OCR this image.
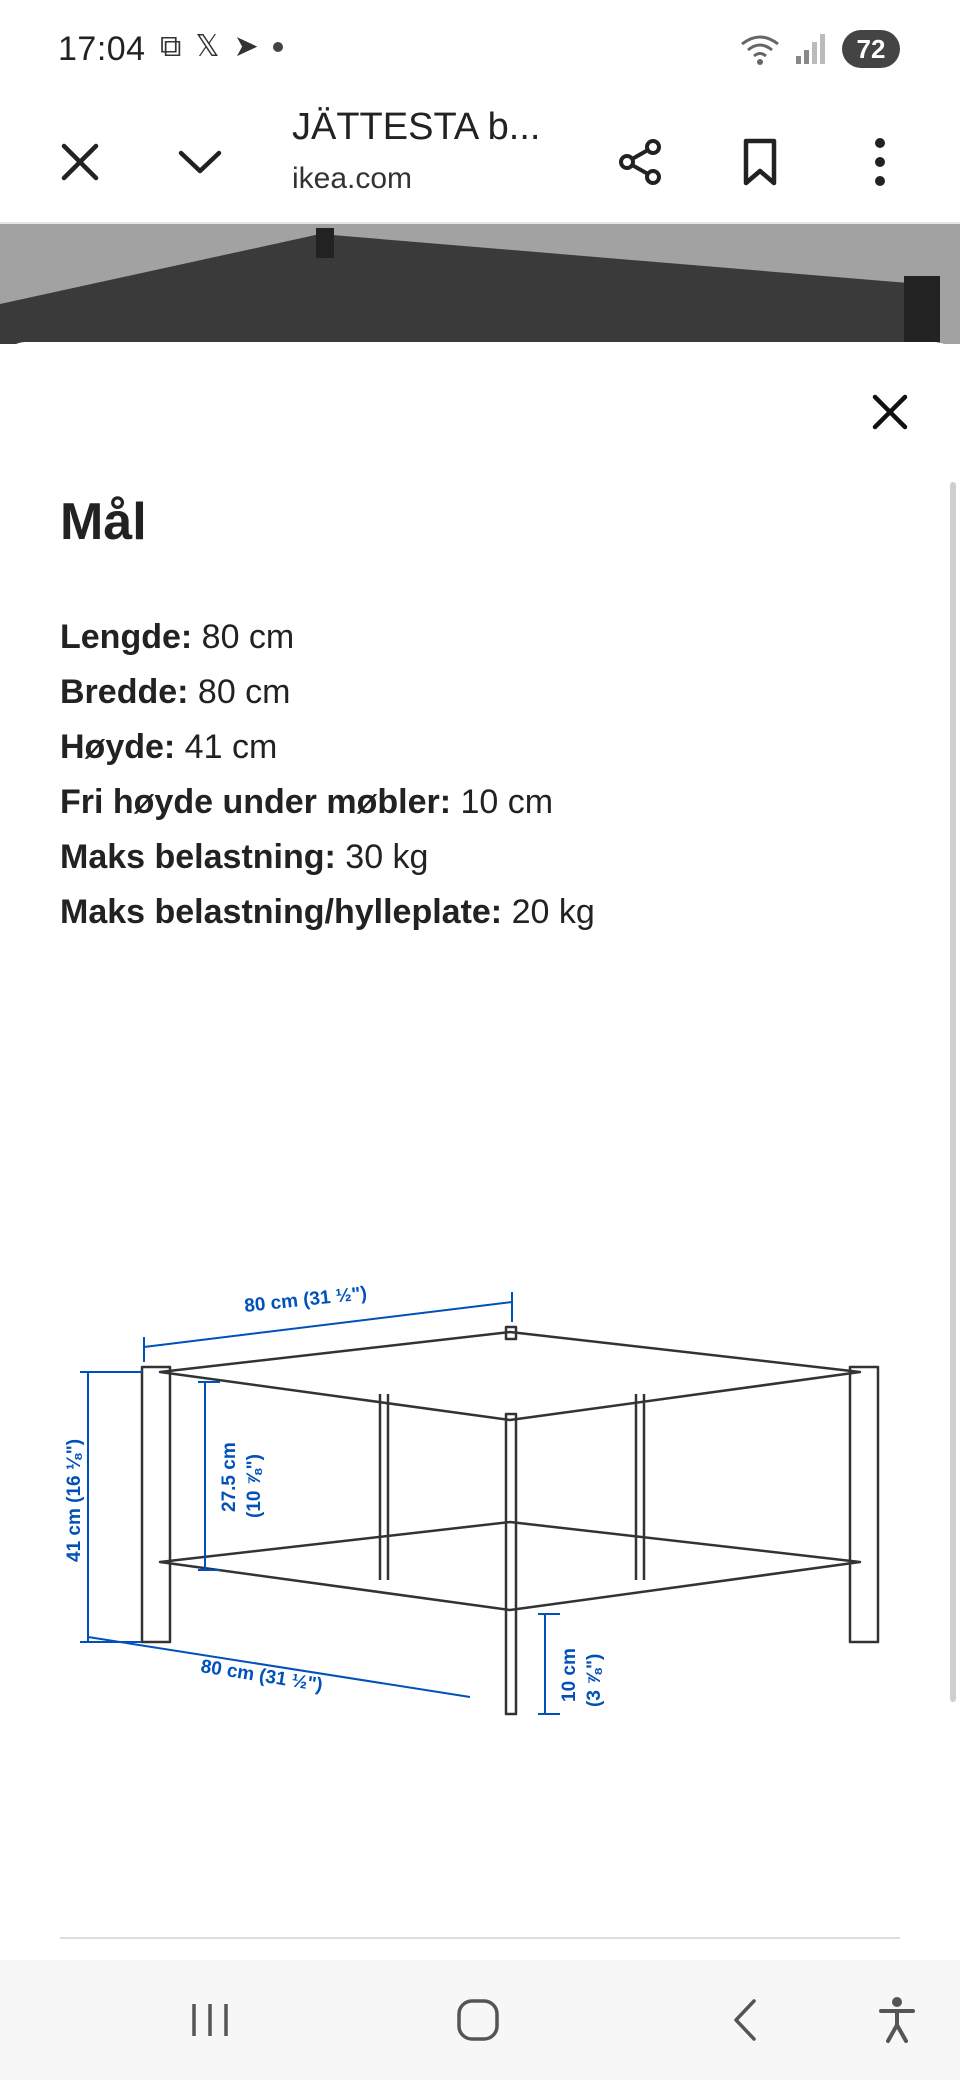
17:04 ⧉ 𝕏 ➤	72
JÄTTESTA b...
ikea.com
Mål
Lengde: 80 cm
Bredde: 80 cm
Høyde: 41 cm
Fri høyde under møbler: 10 cm
Maks belastning: 30 kg
Maks belastning/hylleplate: 20 kg
80 cm (31 ½")
41 cm (16 ⅛")	27.5 cm (10 ⅞")
80 cm (31 ½")	10 cm (3 ⅞")
